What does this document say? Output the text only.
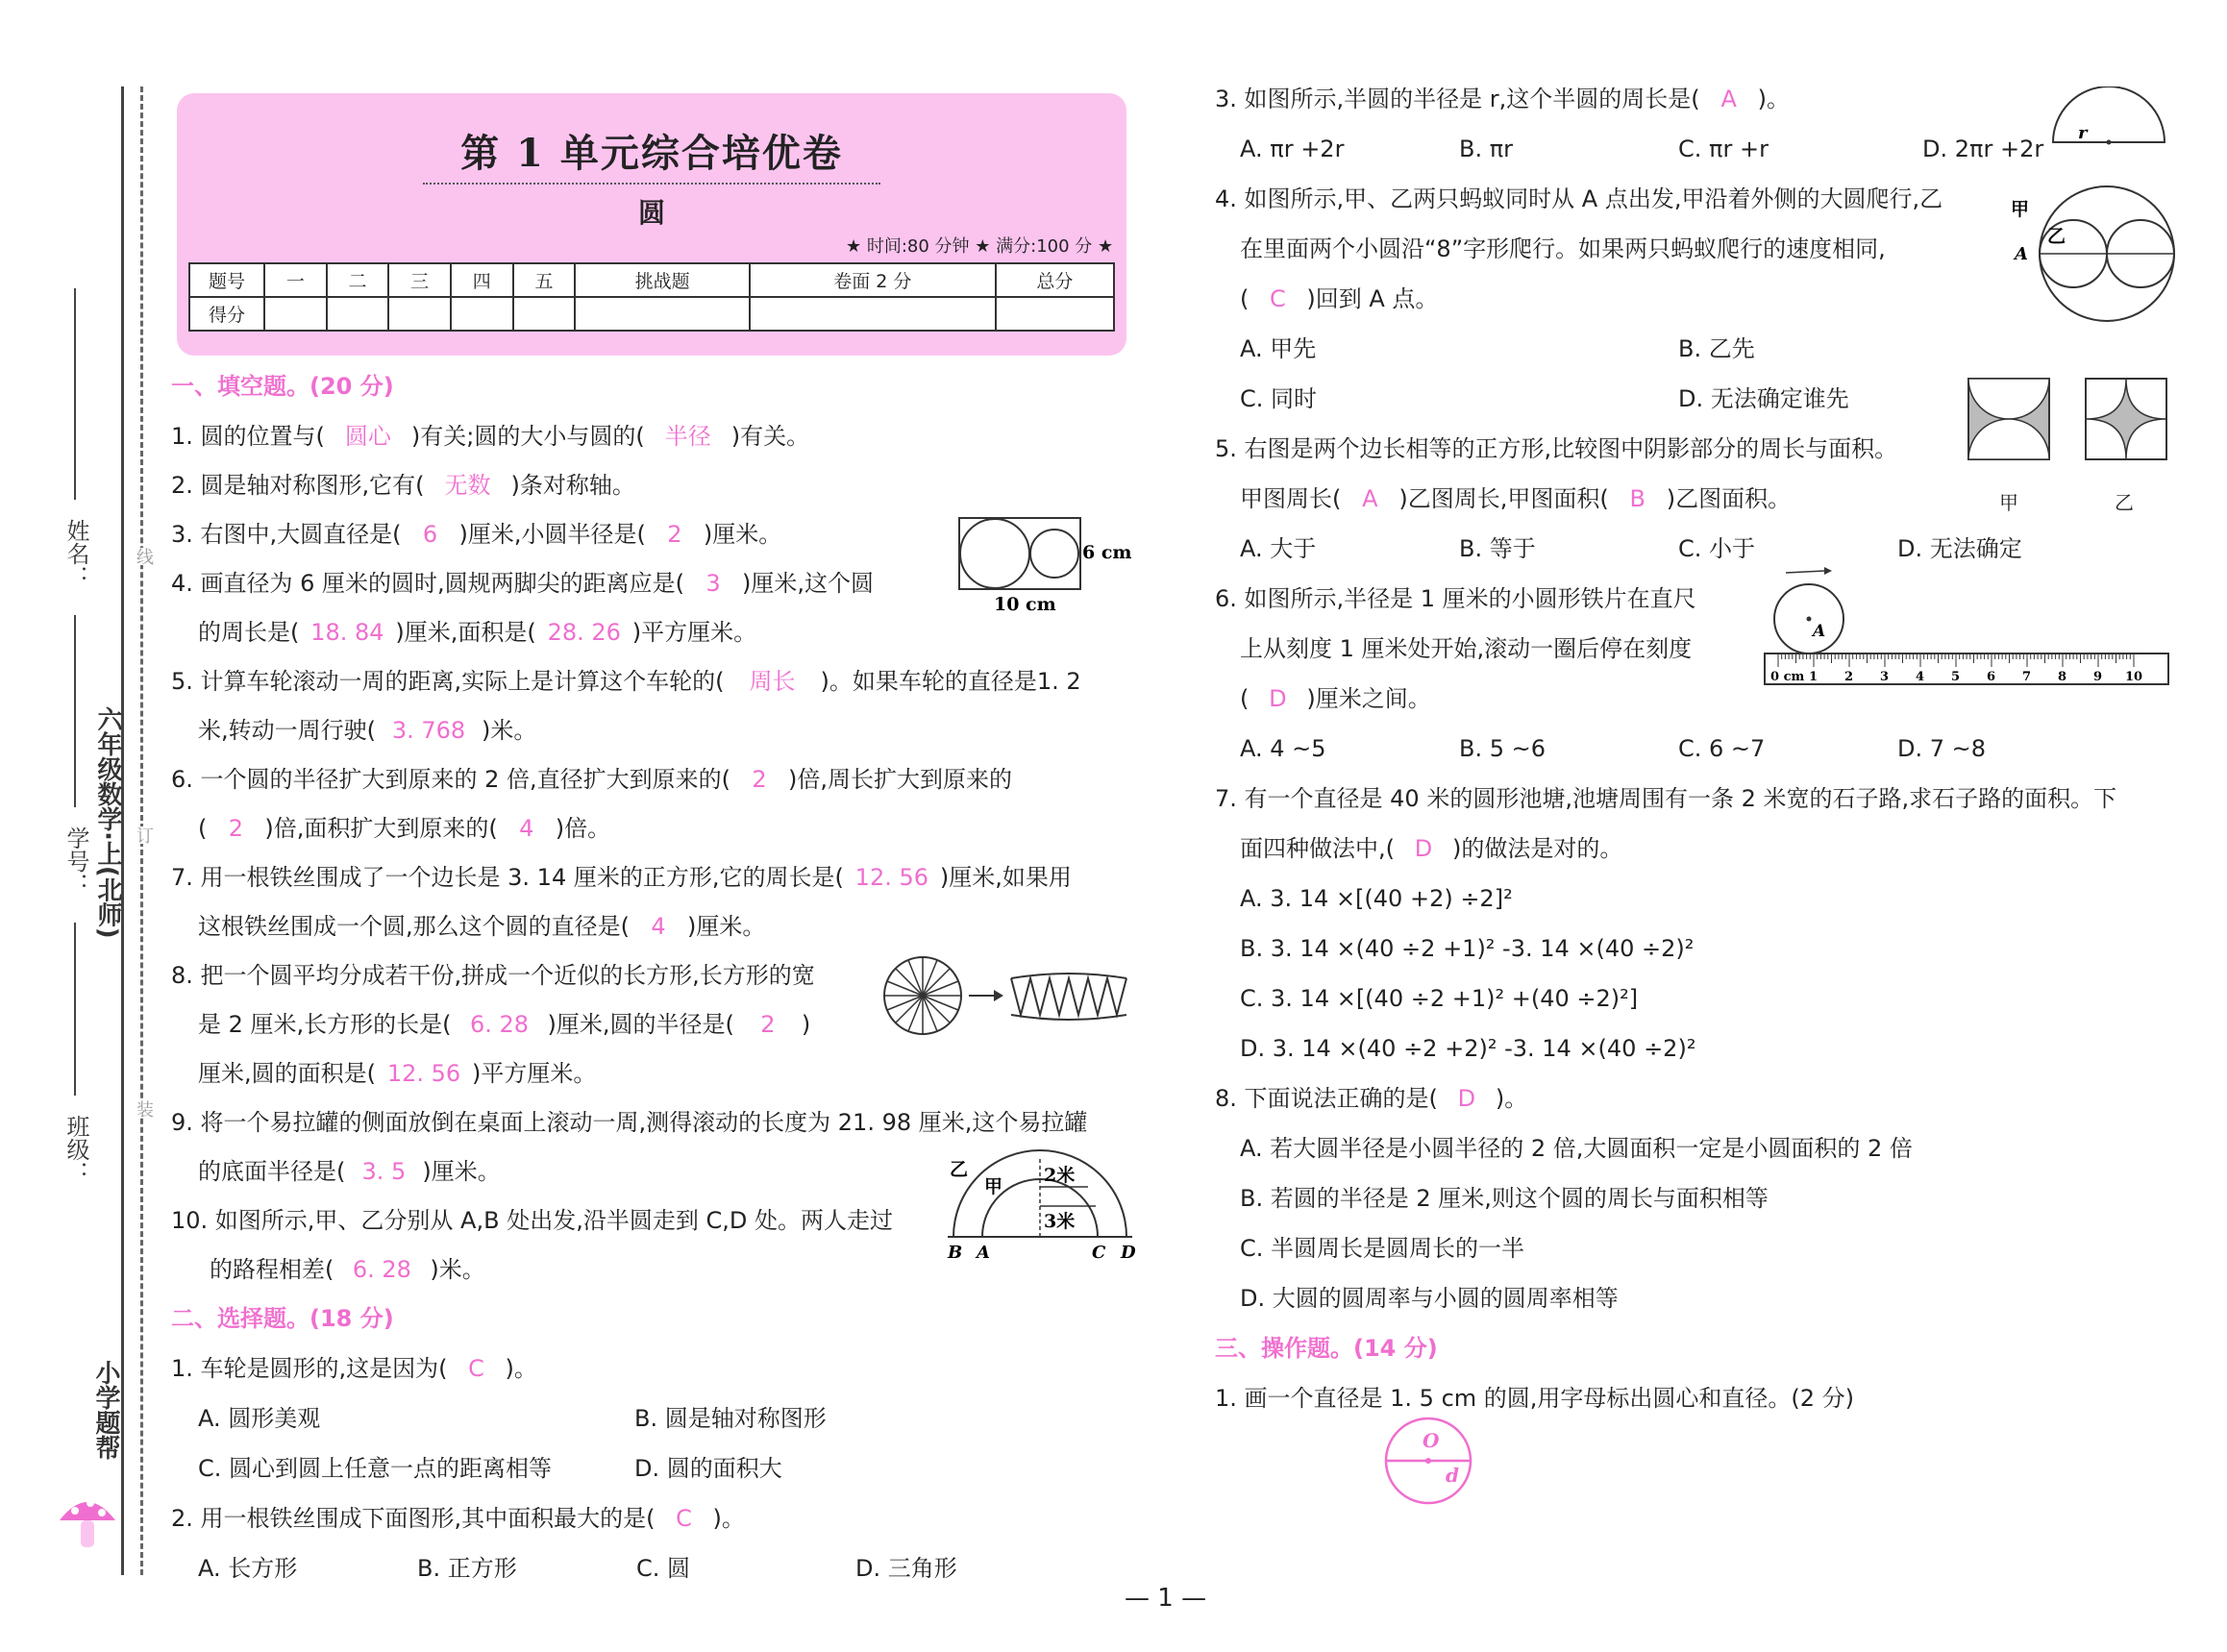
姓名：
学号：
班级：
六年级数学·上(北师)
线
订
装
小学题帮
第 1 单元综合培优卷
圆
★ 时间:80 分钟 ★ 满分:100 分 ★
题号	一	二	三	四	五	挑战题	卷面 2 分	总分
得分								
一、填空题。(20 分)
1. 圆的位置与( 圆心 )有关;圆的大小与圆的( 半径 )有关。
2. 圆是轴对称图形,它有( 无数 )条对称轴。
3. 右图中,大圆直径是( 6 )厘米,小圆半径是( 2 )厘米。
6 cm
10 cm
4. 画直径为 6 厘米的圆时,圆规两脚尖的距离应是( 3 )厘米,这个圆
的周长是( 18. 84 )厘米,面积是( 28. 26 )平方厘米。
5. 计算车轮滚动一周的距离,实际上是计算这个车轮的( 周长 )。如果车轮的直径是1. 2
米,转动一周行驶( 3. 768 )米。
6. 一个圆的半径扩大到原来的 2 倍,直径扩大到原来的( 2 )倍,周长扩大到原来的
( 2 )倍,面积扩大到原来的( 4 )倍。
7. 用一根铁丝围成了一个边长是 3. 14 厘米的正方形,它的周长是( 12. 56 )厘米,如果用
这根铁丝围成一个圆,那么这个圆的直径是( 4 )厘米。
8. 把一个圆平均分成若干份,拼成一个近似的长方形,长方形的宽
是 2 厘米,长方形的长是( 6. 28 )厘米,圆的半径是( 2 )
厘米,圆的面积是( 12. 56 )平方厘米。
9. 将一个易拉罐的侧面放倒在桌面上滚动一周,测得滚动的长度为 21. 98 厘米,这个易拉罐
的底面半径是( 3. 5 )厘米。
10. 如图所示,甲、乙分别从 A,B 处出发,沿半圆走到 C,D 处。两人走过
的路程相差( 6. 28 )米。
乙
甲
2米
3米
B A	C D
二、选择题。(18 分)
1. 车轮是圆形的,这是因为( C )。
A. 圆形美观	B. 圆是轴对称图形
C. 圆心到圆上任意一点的距离相等	D. 圆的面积大
2. 用一根铁丝围成下面图形,其中面积最大的是( C )。
A. 长方形	B. 正方形	C. 圆	D. 三角形
3. 如图所示,半圆的半径是 r,这个半圆的周长是( A )。
A. πr +2r	B. πr	C. πr +r	D. 2πr +2r
r
4. 如图所示,甲、乙两只蚂蚁同时从 A 点出发,甲沿着外侧的大圆爬行,乙
在里面两个小圆沿“8”字形爬行。如果两只蚂蚁爬行的速度相同,
( C )回到 A 点。
A. 甲先	B. 乙先
C. 同时	D. 无法确定谁先
甲
乙
A
5. 右图是两个边长相等的正方形,比较图中阴影部分的周长与面积。
甲图周长( A )乙图周长,甲图面积( B )乙图面积。
A. 大于	B. 等于	C. 小于	D. 无法确定
甲	乙
6. 如图所示,半径是 1 厘米的小圆形铁片在直尺
上从刻度 1 厘米处开始,滚动一圈后停在刻度
( D )厘米之间。
A. 4 ~5	B. 5 ~6	C. 6 ~7	D. 7 ~8
A
0 cm 1 2 3 4 5 6 7 8 9 10
7. 有一个直径是 40 米的圆形池塘,池塘周围有一条 2 米宽的石子路,求石子路的面积。下
面四种做法中,( D )的做法是对的。
A. 3. 14 ×[(40 +2) ÷2]²
B. 3. 14 ×(40 ÷2 +1)² -3. 14 ×(40 ÷2)²
C. 3. 14 ×[(40 ÷2 +1)² +(40 ÷2)²]
D. 3. 14 ×(40 ÷2 +2)² -3. 14 ×(40 ÷2)²
8. 下面说法正确的是( D )。
A. 若大圆半径是小圆半径的 2 倍,大圆面积一定是小圆面积的 2 倍
B. 若圆的半径是 2 厘米,则这个圆的周长与面积相等
C. 半圆周长是圆周长的一半
D. 大圆的圆周率与小圆的圆周率相等
三、操作题。(14 分)
1. 画一个直径是 1. 5 cm 的圆,用字母标出圆心和直径。(2 分)
O
d
— 1 —
